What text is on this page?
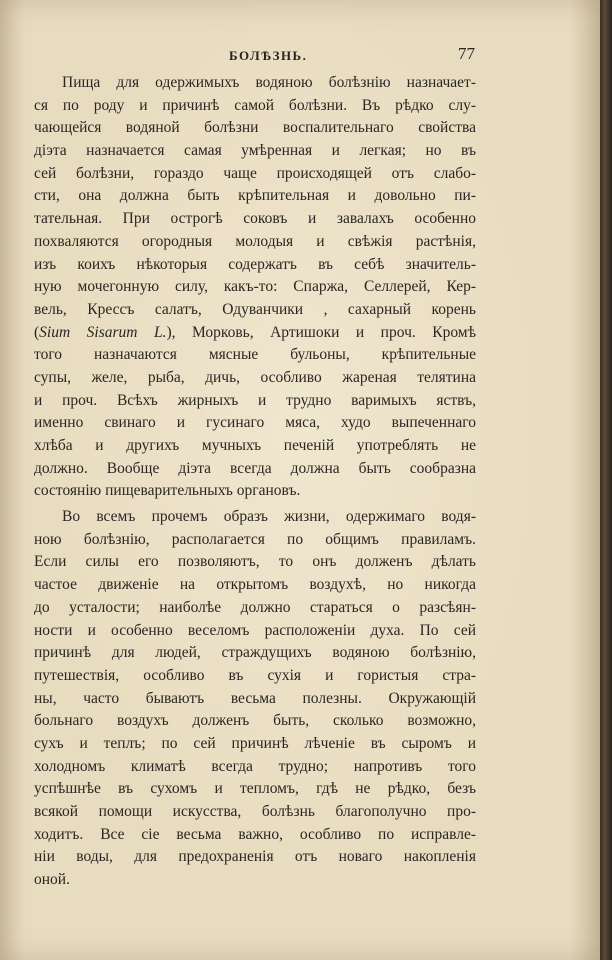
БОЛѢЗНЬ.	77
Пища для одержимыхъ водяною болѣзнію назначает-
ся по роду и причинѣ самой болѣзни. Въ рѣдко слу-
чающейся водяной болѣзни воспалительнаго свойства
діэта назначается самая умѣренная и легкая; но въ
сей болѣзни, гораздо чаще происходящей отъ слабо-
сти, она должна быть крѣпительная и довольно пи-
тательная. При острогѣ соковъ и завалахъ особенно
похваляются огородныя молодыя и свѣжія растѣнія,
изъ коихъ нѣкоторыя содержатъ въ себѣ значитель-
ную мочегонную силу, какъ-то: Спаржа, Селлерей, Кер-
вель, Крессъ салатъ, Одуванчики , сахарный корень
(Sium Sisarum L.), Морковь, Артишоки и проч. Кромѣ
того назначаются мясные бульоны, крѣпительные
супы, желе, рыба, дичь, особливо жареная телятина
и проч. Всѣхъ жирныхъ и трудно варимыхъ яствъ,
именно свинаго и гусинаго мяса, худо выпеченнаго
хлѣба и другихъ мучныхъ печеній употреблять не
должно. Вообще діэта всегда должна быть сообразна
состоянію пищеварительныхъ органовъ.
Во всемъ прочемъ образъ жизни, одержимаго водя-
ною болѣзнію, располагается по общимъ правиламъ.
Если силы его позволяютъ, то онъ долженъ дѣлать
частое движеніе на открытомъ воздухѣ, но никогда
до усталости; наиболѣе должно стараться о разсѣян-
ности и особенно веселомъ расположеніи духа. По сей
причинѣ для людей, страждущихъ водяною болѣзнію,
путешествія, особливо въ сухія и гористыя стра-
ны, часто бываютъ весьма полезны. Окружающій
больнаго воздухъ долженъ быть, сколько возможно,
сухъ и теплъ; по сей причинѣ лѣченіе въ сыромъ и
холодномъ климатѣ всегда трудно; напротивъ того
успѣшнѣе въ сухомъ и тепломъ, гдѣ не рѣдко, безъ
всякой помощи искусства, болѣзнь благополучно про-
ходитъ. Все сіе весьма важно, особливо по исправле-
ніи воды, для предохраненія отъ новаго накопленія
оной.
